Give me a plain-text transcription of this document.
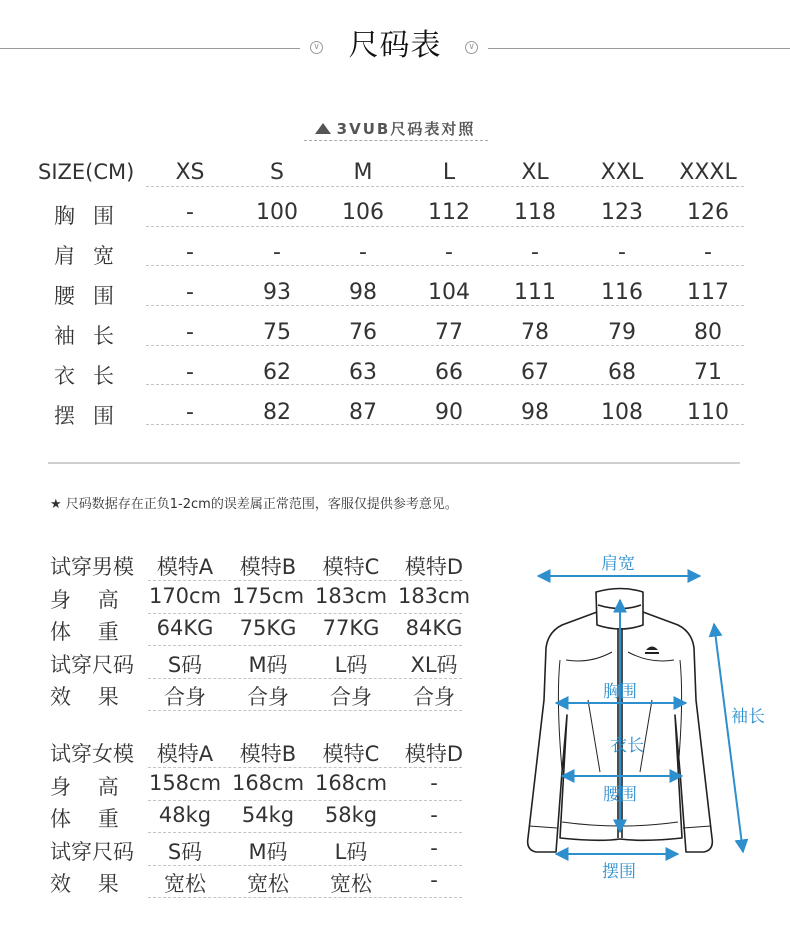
∨ 尺码表	∨
3VUB尺码表对照
SIZE(CM)	XS	S	M	L	XL	XXL	XXXL
胸围	-	100	106	112	118	123	126
肩宽	-	-	-	-	-	-	-
腰围	-	93	98	104	111	116	117
袖长	-	75	76	77	78	79	80
衣长	-	62	63	66	67	68	71
摆围	-	82	87	90	98	108	110
★ 尺码数据存在正负1-2cm的误差属正常范围，客服仅提供参考意见。
试穿男模	模特A	模特B	模特C	模特D
身    高 170cm 175cm 183cm 183cm
体    重	64KG	75KG	77KG	84KG
试穿尺码	S码	M码	L码	XL码
效    果	合身	合身	合身	合身
试穿女模	模特A	模特B	模特C	模特D
身    高 158cm 168cm 168cm	-
体    重	48kg	54kg	58kg	-
试穿尺码	S码	M码	L码	-
效    果	宽松	宽松	宽松	-
肩宽
袖长
胸围
衣长
腰围
摆围
